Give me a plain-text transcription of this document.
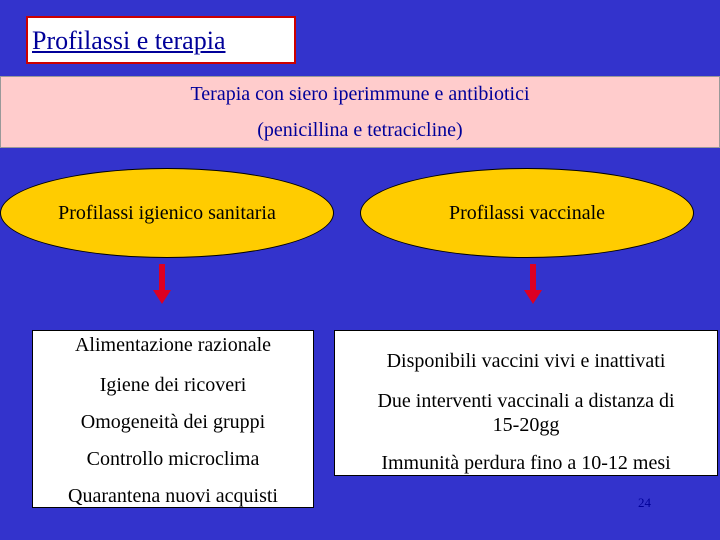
Profilassi e terapia
Terapia con siero iperimmune e antibiotici
(penicillina e tetracicline)
Profilassi igienico sanitaria	Profilassi vaccinale
Alimentazione razionale
Igiene dei ricoveri
Omogeneità dei gruppi
Controllo microclima
Quarantena nuovi acquisti
Disponibili vaccini vivi e inattivati
Due interventi vaccinali a distanza di
15-20gg
Immunità perdura fino a 10-12 mesi
24
